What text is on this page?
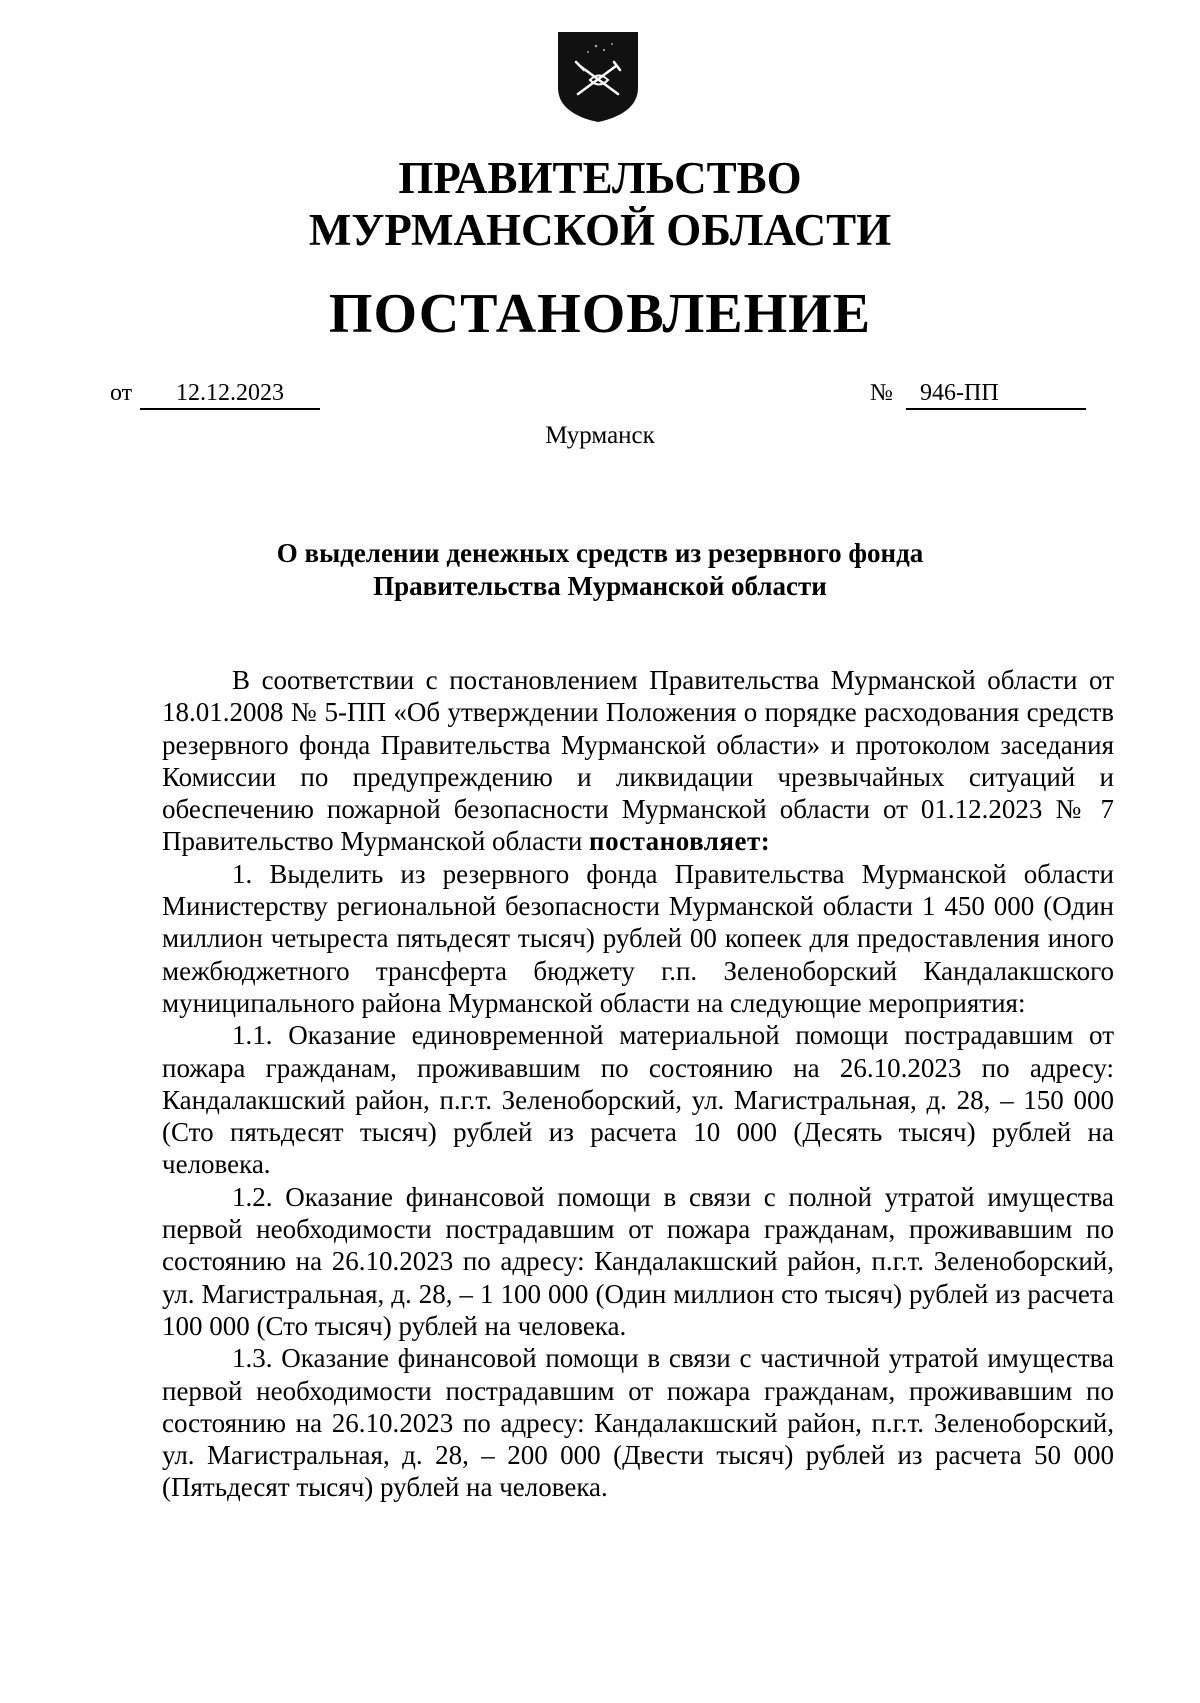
ПРАВИТЕЛЬСТВО
МУРМАНСКОЙ ОБЛАСТИ
ПОСТАНОВЛЕНИЕ
от	12.12.2023	№	946-ПП
Мурманск
О выделении денежных средств из резервного фонда
Правительства Мурманской области

В соответствии с постановлением Правительства Мурманской области от 18.01.2008 № 5-ПП «Об утверждении Положения о порядке расходования средств резервного фонда Правительства Мурманской области» и протоколом заседания Комиссии по предупреждению и ликвидации чрезвычайных ситуаций и обеспечению пожарной безопасности Мурманской области от 01.12.2023 № 7 Правительство Мурманской области постановляет:

1. Выделить из резервного фонда Правительства Мурманской области Министерству региональной безопасности Мурманской области 1 450 000 (Один миллион четыреста пятьдесят тысяч) рублей 00 копеек для предоставления иного межбюджетного трансферта бюджету г.п. Зеленоборский Кандалакшского муниципального района Мурманской области на следующие мероприятия:

1.1. Оказание единовременной материальной помощи пострадавшим от пожара гражданам, проживавшим по состоянию на 26.10.2023 по адресу: Кандалакшский район, п.г.т. Зеленоборский, ул. Магистральная, д. 28, – 150 000 (Сто пятьдесят тысяч) рублей из расчета 10 000 (Десять тысяч) рублей на человека.

1.2. Оказание финансовой помощи в связи с полной утратой имущества первой необходимости пострадавшим от пожара гражданам, проживавшим по состоянию на 26.10.2023 по адресу: Кандалакшский район, п.г.т. Зеленоборский, ул. Магистральная, д. 28, – 1 100 000 (Один миллион сто тысяч) рублей из расчета 100 000 (Сто тысяч) рублей на человека.

1.3. Оказание финансовой помощи в связи с частичной утратой имущества первой необходимости пострадавшим от пожара гражданам, проживавшим по состоянию на 26.10.2023 по адресу: Кандалакшский район, п.г.т. Зеленоборский, ул. Магистральная, д. 28, – 200 000 (Двести тысяч) рублей из расчета 50 000 (Пятьдесят тысяч) рублей на человека.
